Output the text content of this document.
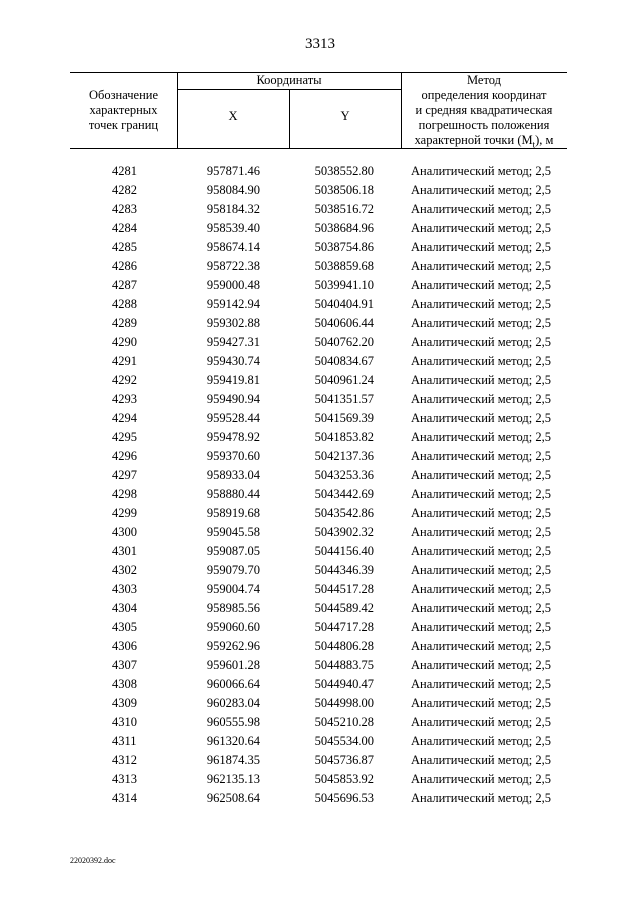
3313
Обозначение
характерных
точек границ
Координаты
X	Y
Метод
определения координат
и средняя квадратическая
погрешность положения
характерной точки $(M_t)$, м
4281	957871.46	5038552.80	Аналитический метод; 2,5
4282	958084.90	5038506.18	Аналитический метод; 2,5
4283	958184.32	5038516.72	Аналитический метод; 2,5
4284	958539.40	5038684.96	Аналитический метод; 2,5
4285	958674.14	5038754.86	Аналитический метод; 2,5
4286	958722.38	5038859.68	Аналитический метод; 2,5
4287	959000.48	5039941.10	Аналитический метод; 2,5
4288	959142.94	5040404.91	Аналитический метод; 2,5
4289	959302.88	5040606.44	Аналитический метод; 2,5
4290	959427.31	5040762.20	Аналитический метод; 2,5
4291	959430.74	5040834.67	Аналитический метод; 2,5
4292	959419.81	5040961.24	Аналитический метод; 2,5
4293	959490.94	5041351.57	Аналитический метод; 2,5
4294	959528.44	5041569.39	Аналитический метод; 2,5
4295	959478.92	5041853.82	Аналитический метод; 2,5
4296	959370.60	5042137.36	Аналитический метод; 2,5
4297	958933.04	5043253.36	Аналитический метод; 2,5
4298	958880.44	5043442.69	Аналитический метод; 2,5
4299	958919.68	5043542.86	Аналитический метод; 2,5
4300	959045.58	5043902.32	Аналитический метод; 2,5
4301	959087.05	5044156.40	Аналитический метод; 2,5
4302	959079.70	5044346.39	Аналитический метод; 2,5
4303	959004.74	5044517.28	Аналитический метод; 2,5
4304	958985.56	5044589.42	Аналитический метод; 2,5
4305	959060.60	5044717.28	Аналитический метод; 2,5
4306	959262.96	5044806.28	Аналитический метод; 2,5
4307	959601.28	5044883.75	Аналитический метод; 2,5
4308	960066.64	5044940.47	Аналитический метод; 2,5
4309	960283.04	5044998.00	Аналитический метод; 2,5
4310	960555.98	5045210.28	Аналитический метод; 2,5
4311	961320.64	5045534.00	Аналитический метод; 2,5
4312	961874.35	5045736.87	Аналитический метод; 2,5
4313	962135.13	5045853.92	Аналитический метод; 2,5
4314	962508.64	5045696.53	Аналитический метод; 2,5
22020392.doc
